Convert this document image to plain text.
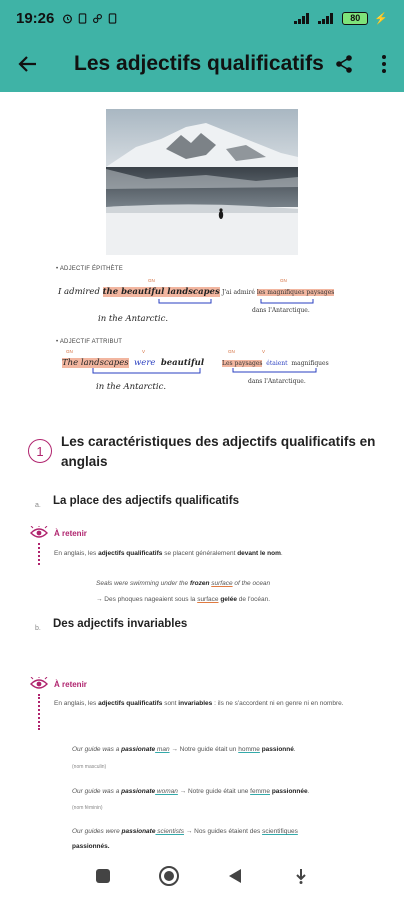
19:26	80	⚡
Les adjectifs qualificatifs
• ADJECTIF ÉPITHÈTE
GN
I admired the beautiful landscapes
in the Antarctic.
GN
J'ai admiré les magnifiques paysages
dans l'Antarctique.
• ADJECTIF ATTRIBUT
GN	V
The landscapes were beautiful
in the Antarctic.
GN	V
Les paysages étaient magnifiques
dans l'Antarctique.
1
Les caractéristiques des adjectifs qualificatifs en anglais
a. La place des adjectifs qualificatifs
À retenir
En anglais, les adjectifs qualificatifs se placent généralement devant le nom.
Seals were swimming under the frozen surface of the ocean
→ Des phoques nageaient sous la surface gelée de l'océan.
b. Des adjectifs invariables
À retenir
En anglais, les adjectifs qualificatifs sont invariables : ils ne s'accordent ni en genre ni en nombre.
Our guide was a passionate man → Notre guide était un homme passionné.
(nom masculin)
Our guide was a passionate woman → Notre guide était une femme passionnée.
(nom féminin)
Our guides were passionate scientists → Nos guides étaient des scientifiques
passionnés.
